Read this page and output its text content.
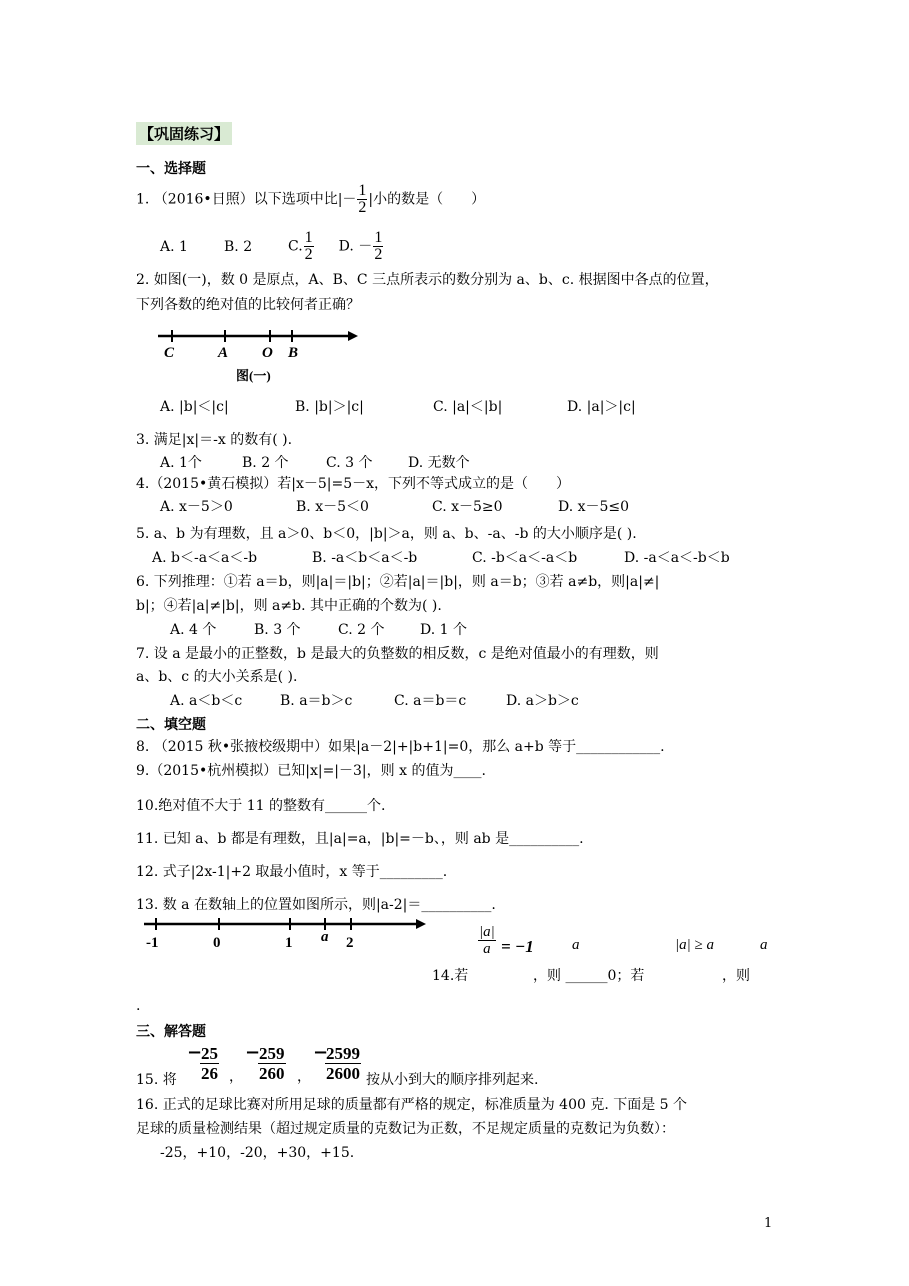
【巩固练习】
一、选择题
1. （2016•日照）以下选项中比|－ $\frac{1}{2}$ |小的数是（　　）
A. 1	B. 2	C. $\frac{1}{2} D$. － $\frac{1}{2}$
2. 如图(一)，数 0 是原点，A、B、C 三点所表示的数分别为 a、b、c. 根据图中各点的位置，
下列各数的绝对值的比较何者正确？
C	A O B
图(一)
A. |b|＜|c|	B. |b|＞|c|	C. |a|＜|b|	D. |a|＞|c|
3. 满足|x|＝-x 的数有( ).
A. 1个	B. 2 个	C. 3 个	D. 无数个
4.（2015•黄石模拟）若|x－5|=5－x，下列不等式成立的是（　　）
A. x－5＞0	B. x－5＜0	C. x－5≥0	D. x－5≤0
5. a、b 为有理数，且 a＞0、b＜0，|b|＞a，则 a、b、-a、-b 的大小顺序是( ).
A. b＜-a＜a＜-b	B. -a＜b＜a＜-b	C. -b＜a＜-a＜b	D. -a＜a＜-b＜b
6. 下列推理：①若 a＝b，则|a|＝|b|；②若|a|＝|b|，则 a＝b；③若 a≠b，则|a|≠|
b|；④若|a|≠|b|，则 a≠b. 其中正确的个数为( ).
A. 4 个	B. 3 个	C. 2 个	D. 1 个
7. 设 a 是最小的正整数，b 是最大的负整数的相反数，c 是绝对值最小的有理数，则
a、b、c 的大小关系是( ).
A. a＜b＜c	B. a＝b＞c	C. a＝b＝c	D. a＞b＞c
二、填空题
8. （2015 秋•张掖校级期中）如果|a－2|+|b+1|=0，那么 a+b 等于____________.
9.（2015•杭州模拟）已知|x|=|－3|，则 x 的值为____.
10.绝对值不大于 11 的整数有______个.
11. 已知 a、b 都是有理数，且|a|=a，|b|=－b、，则 ab 是__________.
12. 式子|2x-1|+2 取最小值时，x 等于_________.
13. 数 a 在数轴上的位置如图所示，则|a-2|＝__________.
-1	0	1 a 2	$\frac{|a|}{a} = -1$	a	|a| ≥ a	a
14.若	，则 ______0；若	，则
.
三、解答题
−
$\frac{25}{26}$ ，
−
$\frac{259}{260}$ ，
−
$\frac{2599}{2600}$
15. 将	按从小到大的顺序排列起来.
16. 正式的足球比赛对所用足球的质量都有严格的规定，标准质量为 400 克. 下面是 5 个
足球的质量检测结果（超过规定质量的克数记为正数，不足规定质量的克数记为负数）：
-25，+10，-20，+30，+15.
1
